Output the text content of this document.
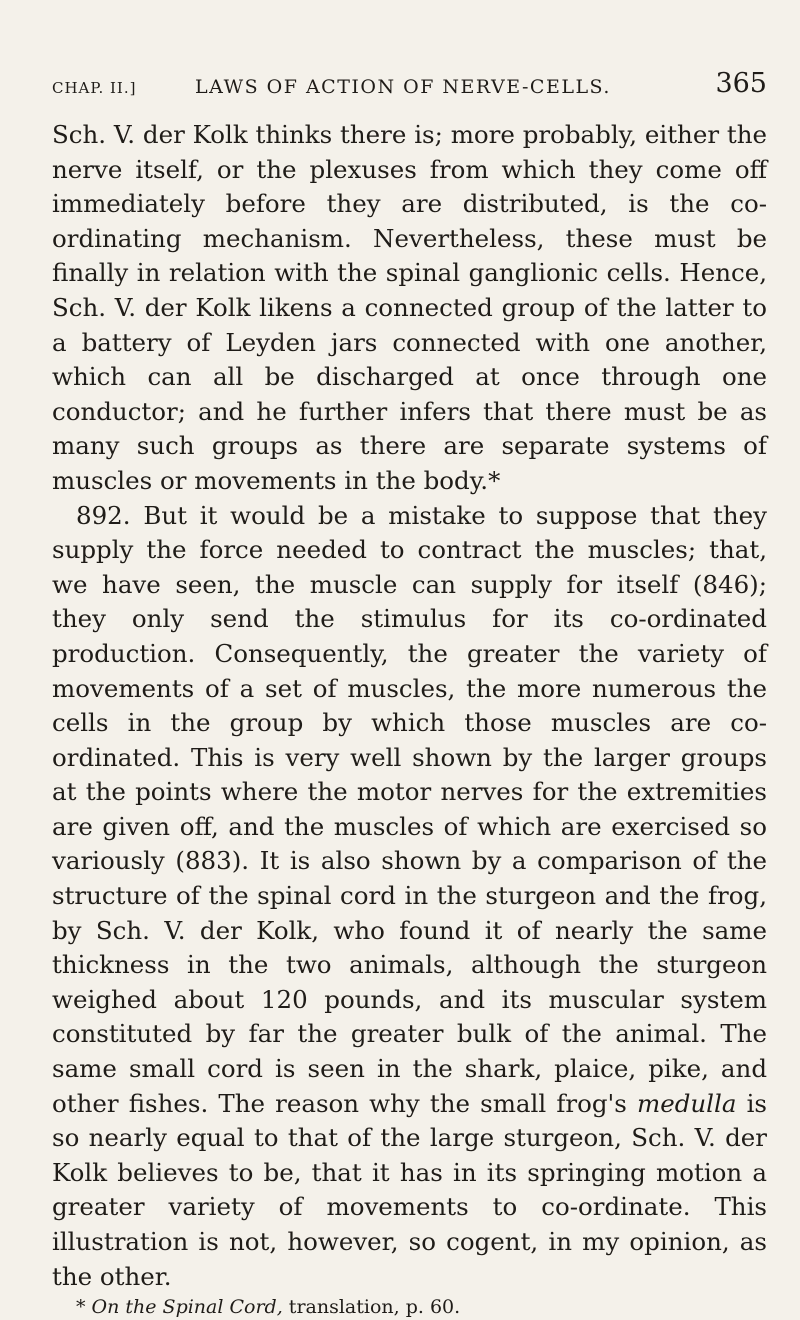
CHAP. II.]	LAWS OF ACTION OF NERVE-CELLS.	365

Sch. V. der Kolk thinks there is; more probably, either the nerve itself, or the plexuses from which they come off immediately before they are distributed, is the co-ordinating mechanism. Nevertheless, these must be finally in relation with the spinal ganglionic cells. Hence, Sch. V. der Kolk likens a connected group of the latter to a battery of Leyden jars connected with one another, which can all be discharged at once through one conductor; and he further infers that there must be as many such groups as there are separate systems of muscles or movements in the body.*

892. But it would be a mistake to suppose that they supply the force needed to contract the muscles; that, we have seen, the muscle can supply for itself (846); they only send the stimulus for its co-ordinated production. Consequently, the greater the variety of movements of a set of muscles, the more numerous the cells in the group by which those muscles are co-ordinated. This is very well shown by the larger groups at the points where the motor nerves for the extremities are given off, and the muscles of which are exercised so variously (883). It is also shown by a comparison of the structure of the spinal cord in the sturgeon and the frog, by Sch. V. der Kolk, who found it of nearly the same thickness in the two animals, although the sturgeon weighed about 120 pounds, and its muscular system constituted by far the greater bulk of the animal. The same small cord is seen in the shark, plaice, pike, and other fishes. The reason why the small frog's medulla is so nearly equal to that of the large sturgeon, Sch. V. der Kolk believes to be, that it has in its springing motion a greater variety of movements to co-ordinate. This illustration is not, however, so cogent, in my opinion, as the other.

* On the Spinal Cord, translation, p. 60.
